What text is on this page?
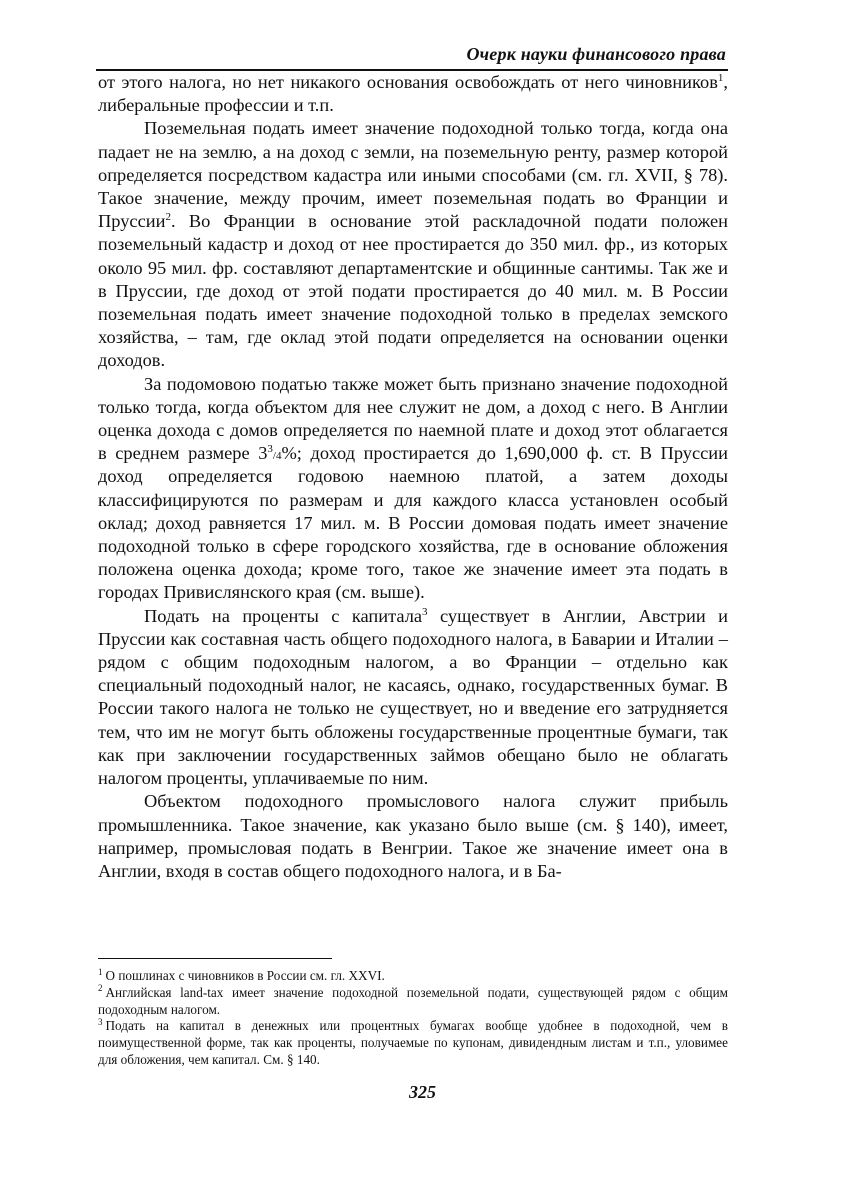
Очерк науки финансового права

от этого налога, но нет никакого основания освобождать от него чиновников$^1$, либеральные профессии и т.п.

Поземельная подать имеет значение подоходной только тогда, когда она падает не на землю, а на доход с земли, на поземельную ренту, размер которой определяется посредством кадастра или иными способами (см. гл. XVII, § 78). Такое значение, между прочим, имеет поземельная подать во Франции и Пруссии$^2$. Во Франции в основание этой раскладочной подати положен поземельный кадастр и доход от нее простирается до 350 мил. фр., из которых около 95 мил. фр. составляют департаментские и общинные сантимы. Так же и в Пруссии, где доход от этой подати простирается до 40 мил. м. В России поземельная подать имеет значение подоходной только в пределах земского хозяйства, – там, где оклад этой подати определяется на основании оценки доходов.

За подомовою податью также может быть признано значение подоходной только тогда, когда объектом для нее служит не дом, а доход с него. В Англии оценка дохода с домов определяется по наемной плате и доход этот облагается в среднем размере $3^3/4\%$; доход простирается до 1,690,000 ф. ст. В Пруссии доход определяется годовою наемною платой, а затем доходы классифицируются по размерам и для каждого класса установлен особый оклад; доход равняется 17 мил. м. В России домовая подать имеет значение подоходной только в сфере городского хозяйства, где в основание обложения положена оценка дохода; кроме того, такое же значение имеет эта подать в городах Привислянского края (см. выше).

Подать на проценты с капитала$^3$ существует в Англии, Австрии и Пруссии как составная часть общего подоходного налога, в Баварии и Италии – рядом с общим подоходным налогом, а во Франции – отдельно как специальный подоходный налог, не касаясь, однако, государственных бумаг. В России такого налога не только не существует, но и введение его затрудняется тем, что им не могут быть обложены государственные процентные бумаги, так как при заключении государственных займов обещано было не облагать налогом проценты, уплачиваемые по ним.

Объектом подоходного промыслового налога служит прибыль промышленника. Такое значение, как указано было выше (см. § 140), имеет, например, промысловая подать в Венгрии. Такое же значение имеет она в Англии, входя в состав общего подоходного налога, и в Ба-

$^1$ О пошлинах с чиновников в России см. гл. XXVI.

$^2$ Английская land-tax имеет значение подоходной поземельной подати, существующей рядом с общим подоходным налогом.

$^3$ Подать на капитал в денежных или процентных бумагах вообще удобнее в подоходной, чем в поимущественной форме, так как проценты, получаемые по купонам, дивидендным листам и т.п., уловимее для обложения, чем капитал. См. § 140.

325
